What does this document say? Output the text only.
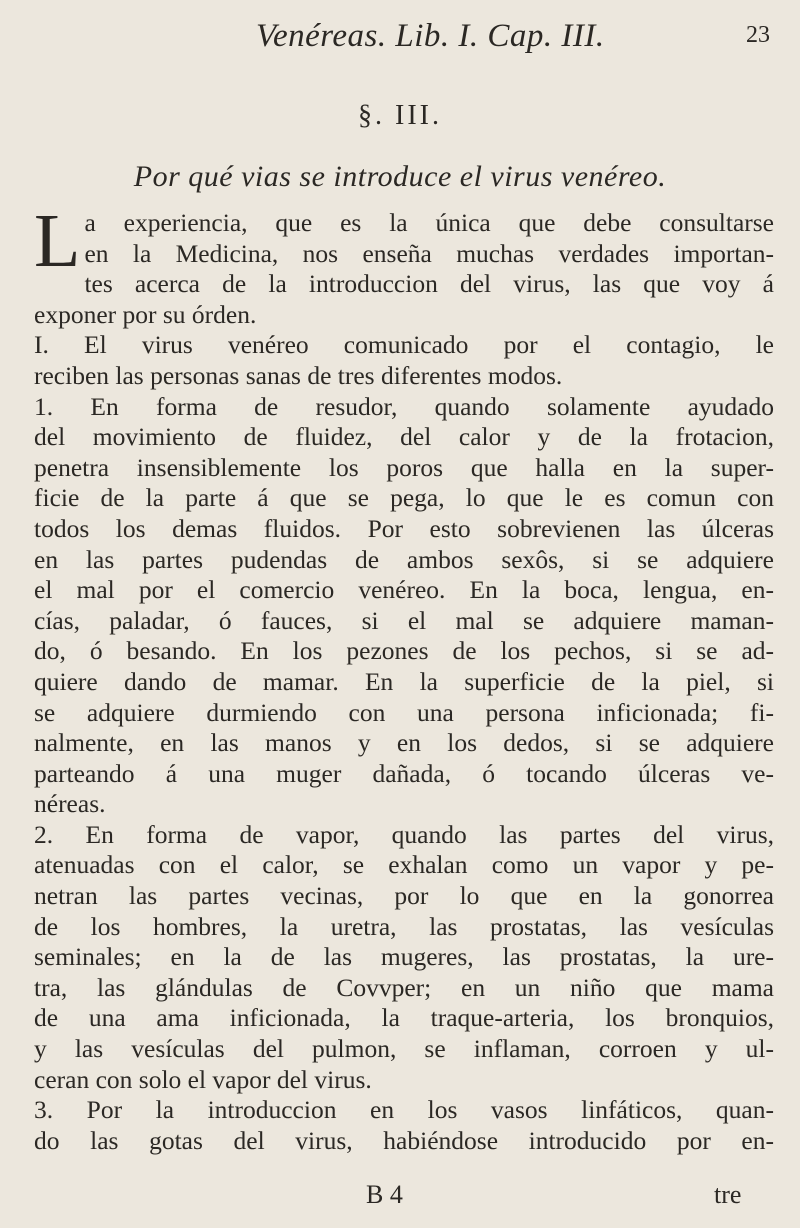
Venéreas. Lib. I. Cap. III.	23
§. III.
Por qué vias se introduce el virus venéreo.
L a experiencia, que es la única que debe consultarse
en la Medicina, nos enseña muchas verdades importan-
tes acerca de la introduccion del virus, las que voy á
exponer por su órden.
I. El virus venéreo comunicado por el contagio, le
reciben las personas sanas de tres diferentes modos.
1. En forma de resudor, quando solamente ayudado
del movimiento de fluidez, del calor y de la frotacion,
penetra insensiblemente los poros que halla en la super-
ficie de la parte á que se pega, lo que le es comun con
todos los demas fluidos. Por esto sobrevienen las úlceras
en las partes pudendas de ambos sexôs, si se adquiere
el mal por el comercio venéreo. En la boca, lengua, en-
cías, paladar, ó fauces, si el mal se adquiere maman-
do, ó besando. En los pezones de los pechos, si se ad-
quiere dando de mamar. En la superficie de la piel, si
se adquiere durmiendo con una persona inficionada; fi-
nalmente, en las manos y en los dedos, si se adquiere
parteando á una muger dañada, ó tocando úlceras ve-
néreas.
2. En forma de vapor, quando las partes del virus,
atenuadas con el calor, se exhalan como un vapor y pe-
netran las partes vecinas, por lo que en la gonorrea
de los hombres, la uretra, las prostatas, las vesículas
seminales; en la de las mugeres, las prostatas, la ure-
tra, las glándulas de Covvper; en un niño que mama
de una ama inficionada, la traque-arteria, los bronquios,
y las vesículas del pulmon, se inflaman, corroen y ul-
ceran con solo el vapor del virus.
3. Por la introduccion en los vasos linfáticos, quan-
do las gotas del virus, habiéndose introducido por en-
B 4	tre
